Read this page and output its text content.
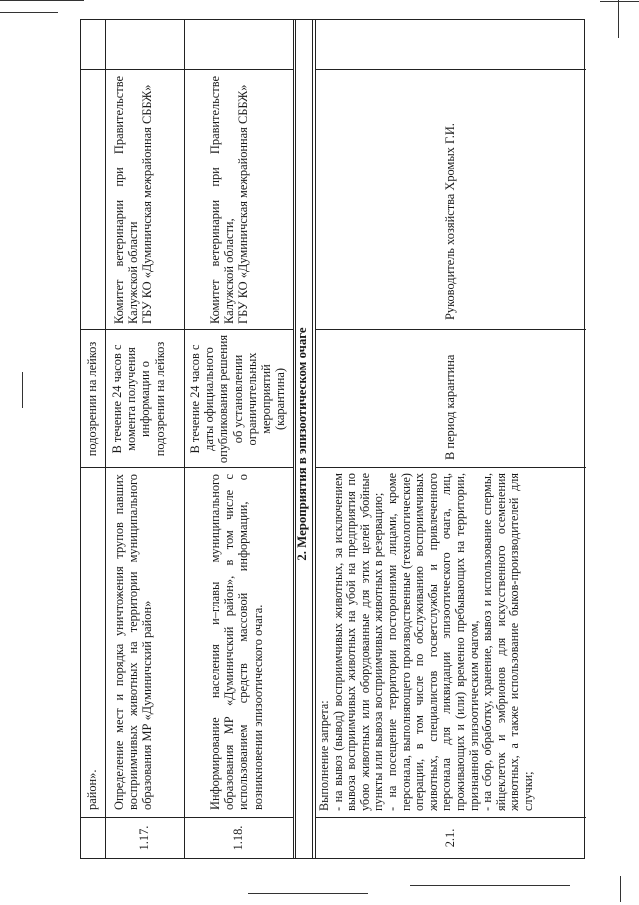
район».
подозрении на лейкоз
1.17.
Определение мест и порядка уничтожения трупов павших восприимчивых животных на территории муниципального образования МР «Думиничский район»
В течение 24 часов с момента получения информации о подозрении на лейкоз
Комитет ветеринарии при Правительстве Калужской области ГБУ КО «Думиничская межрайонная СББЖ»
1.18.
Информирование населения и–главы муниципального образования МР «Думиничский район», в том числе с использованием средств массовой информации, о возникновении эпизоотического очага.
В течение 24 часов с даты официального опубликования решения об установлении ограничительных мероприятий (карантина)
Комитет ветеринарии при Правительстве Калужской области, ГБУ КО «Думиничская межрайонная СББЖ»
2. Мероприятия в эпизоотическом очаге
2.1.
Выполнение запрета: - на вывоз (вывод) восприимчивых животных, за исключением вывоза восприимчивых животных на убой на предприятия по убою животных или оборудованные для этих целей убойные пункты или вывоза восприимчивых животных в резервацию; - на посещение территории посторонними лицами, кроме персонала, выполняющего производственные (технологические) операции, в том числе по обслуживанию восприимчивых животных, специалистов госветслужбы и привлеченного персонала для ликвидации эпизоотического очага, лиц, проживающих и (или) временно пребывающих на территории, признанной эпизоотическим очагом, - на сбор, обработку, хранение, вывоз и использование спермы, яйцеклеток и эмбрионов для искусственного осеменения животных, а также использование быков-производителей для случки;
В период карантина
Руководитель хозяйства Хромых Г.И.
